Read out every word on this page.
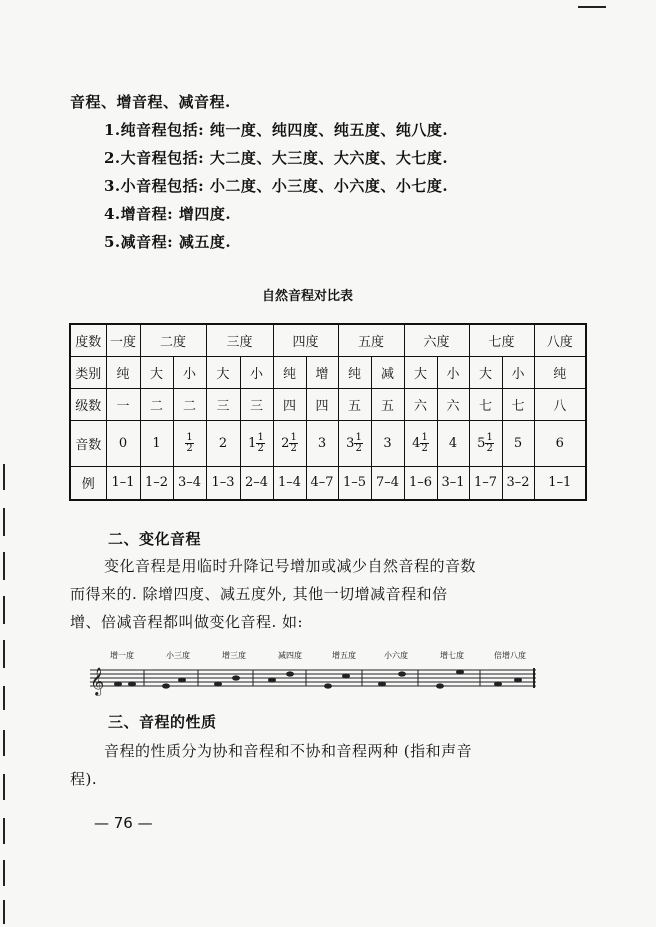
音程、增音程、减音程.
1.纯音程包括: 纯一度、纯四度、纯五度、纯八度.
2.大音程包括: 大二度、大三度、大六度、大七度.
3.小音程包括: 小二度、小三度、小六度、小七度.
4.增音程: 增四度.
5.减音程: 减五度.
自然音程对比表
度数	一度	二度		三度		四度		五度		六度		七度		八度
类别	纯	大	小	大	小	纯	增	纯	减	大	小	大	小	纯
级数	一	二	二	三	三	四	四	五	五	六	六	七	七	八
音数	0	1	$\frac{1}{2}$	2	$1 \frac{1}{2}$	$2 \frac{1}{2}$	3	$3 \frac{1}{2}$	3	$4 \frac{1}{2}$	4	$5 \frac{1}{2}$	5	6
例	1–1	1–2	3–4	1–3	2–4	1–4	4–7	1–5	7–4	1–6	3–1	1–7	3–2	1–1
二、变化音程
变化音程是用临时升降记号增加或减少自然音程的音数
而得来的. 除增四度、减五度外, 其他一切增减音程和倍
增、倍减音程都叫做变化音程. 如:
𝄞
增一度	小三度	增三度	减四度	增五度	小六度	增七度	倍增八度
三、音程的性质
音程的性质分为协和音程和不协和音程两种 (指和声音
程).
— 76 —
